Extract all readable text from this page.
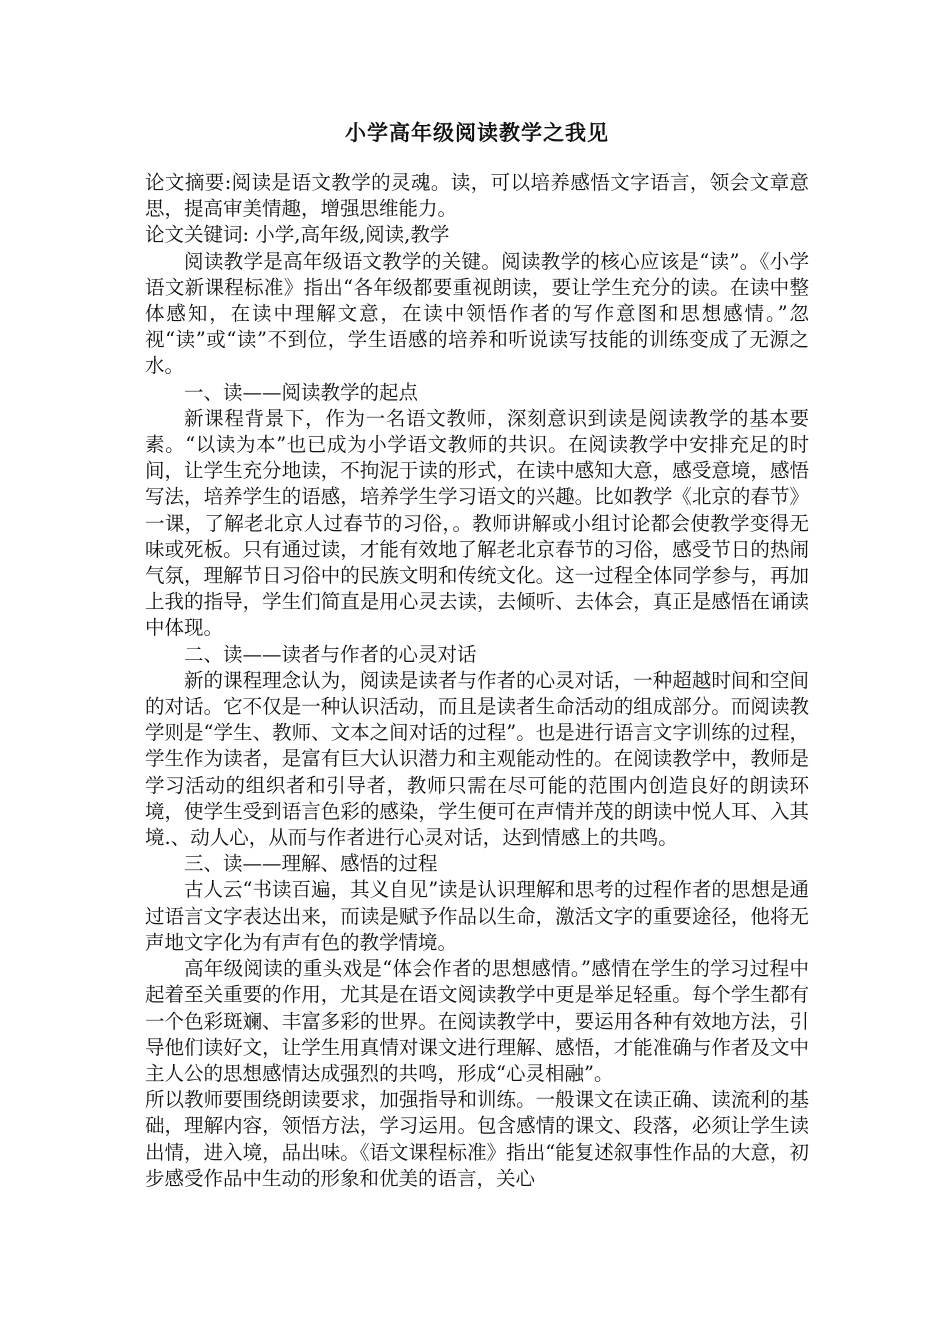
小学高年级阅读教学之我见

论文摘要:阅读是语文教学的灵魂。读，可以培养感悟文字语言，领会文章意思，提高审美情趣，增强思维能力。

论文关键词: 小学,高年级,阅读,教学

阅读教学是高年级语文教学的关键。阅读教学的核心应该是“读”。《小学语文新课程标准》指出“各年级都要重视朗读，要让学生充分的读。在读中整体感知，在读中理解文意，在读中领悟作者的写作意图和思想感情。”忽视“读”或“读”不到位，学生语感的培养和听说读写技能的训练变成了无源之水。

一、读——阅读教学的起点

新课程背景下，作为一名语文教师，深刻意识到读是阅读教学的基本要素。“以读为本”也已成为小学语文教师的共识。在阅读教学中安排充足的时间，让学生充分地读，不拘泥于读的形式，在读中感知大意，感受意境，感悟写法，培养学生的语感，培养学生学习语文的兴趣。比如教学《北京的春节》一课，了解老北京人过春节的习俗，。教师讲解或小组讨论都会使教学变得无味或死板。只有通过读，才能有效地了解老北京春节的习俗，感受节日的热闹气氛，理解节日习俗中的民族文明和传统文化。这一过程全体同学参与，再加上我的指导，学生们简直是用心灵去读，去倾听、去体会，真正是感悟在诵读中体现。

二、读——读者与作者的心灵对话

新的课程理念认为，阅读是读者与作者的心灵对话，一种超越时间和空间的对话。它不仅是一种认识活动，而且是读者生命活动的组成部分。而阅读教学则是“学生、教师、文本之间对话的过程”。也是进行语言文字训练的过程，学生作为读者，是富有巨大认识潜力和主观能动性的。在阅读教学中，教师是学习活动的组织者和引导者，教师只需在尽可能的范围内创造良好的朗读环境，使学生受到语言色彩的感染，学生便可在声情并茂的朗读中悦人耳、入其境.、动人心，从而与作者进行心灵对话，达到情感上的共鸣。

三、读——理解、感悟的过程

古人云“书读百遍，其义自见”读是认识理解和思考的过程作者的思想是通过语言文字表达出来，而读是赋予作品以生命，激活文字的重要途径，他将无声地文字化为有声有色的教学情境。

高年级阅读的重头戏是“体会作者的思想感情。”感情在学生的学习过程中起着至关重要的作用，尤其是在语文阅读教学中更是举足轻重。每个学生都有一个色彩斑斓、丰富多彩的世界。在阅读教学中，要运用各种有效地方法，引导他们读好文，让学生用真情对课文进行理解、感悟，才能准确与作者及文中主人公的思想感情达成强烈的共鸣，形成“心灵相融”。

所以教师要围绕朗读要求，加强指导和训练。一般课文在读正确、读流利的基础，理解内容，领悟方法，学习运用。包含感情的课文、段落，必须让学生读出情，进入境，品出味。《语文课程标准》指出“能复述叙事性作品的大意，初步感受作品中生动的形象和优美的语言，关心
